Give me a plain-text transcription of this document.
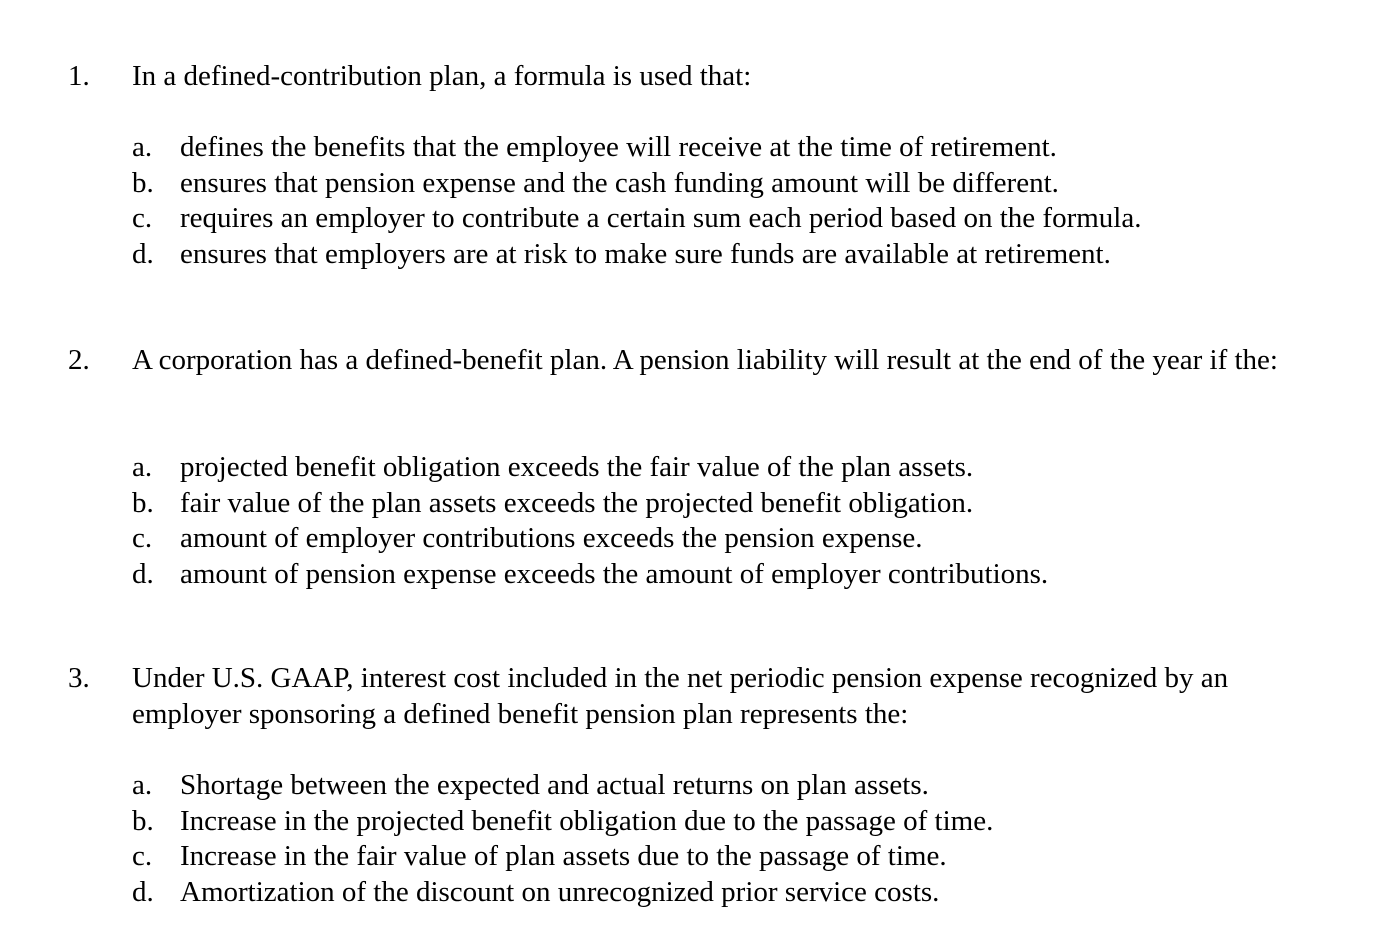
1. In a defined-contribution plan, a formula is used that:
a. defines the benefits that the employee will receive at the time of retirement.
b. ensures that pension expense and the cash funding amount will be different.
c. requires an employer to contribute a certain sum each period based on the formula.
d. ensures that employers are at risk to make sure funds are available at retirement.
2. A corporation has a defined-benefit plan. A pension liability will result at the end of the year if the:
a. projected benefit obligation exceeds the fair value of the plan assets.
b. fair value of the plan assets exceeds the projected benefit obligation.
c. amount of employer contributions exceeds the pension expense.
d. amount of pension expense exceeds the amount of employer contributions.
3. Under U.S. GAAP, interest cost included in the net periodic pension expense recognized by an employer sponsoring a defined benefit pension plan represents the:
a. Shortage between the expected and actual returns on plan assets.
b. Increase in the projected benefit obligation due to the passage of time.
c. Increase in the fair value of plan assets due to the passage of time.
d. Amortization of the discount on unrecognized prior service costs.
